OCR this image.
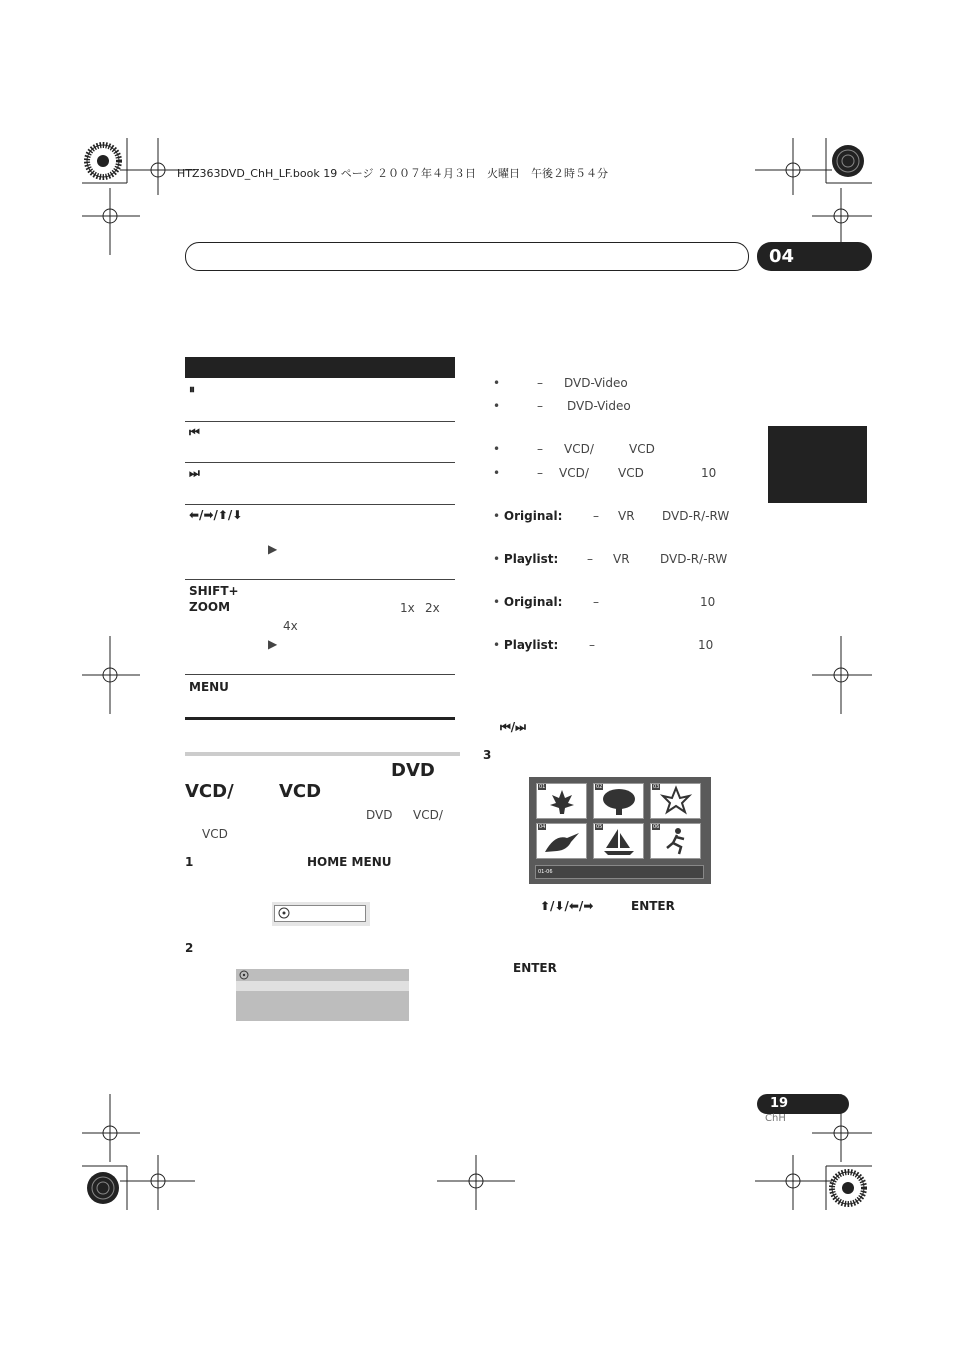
HTZ363DVD_ChH_LF.book 19 ページ ２００７年４月３日　火曜日　午後２時５４分
04
⏸
⏮
⏭
⬅/➡/⬆/⬇
▶
SHIFT+
ZOOM	1x 2x
4x
▶
MENU
DVD
VCD/	VCD
DVD VCD/
VCD
1	HOME MENU
2
•	– DVD-Video
•	– DVD-Video
•	– VCD/	VCD
•	– VCD/ VCD	10
• Original:	– VR DVD-R/-RW
• Playlist: – VR	DVD-R/-RW
• Original:	–	10
• Playlist:	–	10
⏮/⏭
3
01	02	03
04	05	06
01-06
⬆/⬇/⬅/➡	ENTER
ENTER
19
ChH
